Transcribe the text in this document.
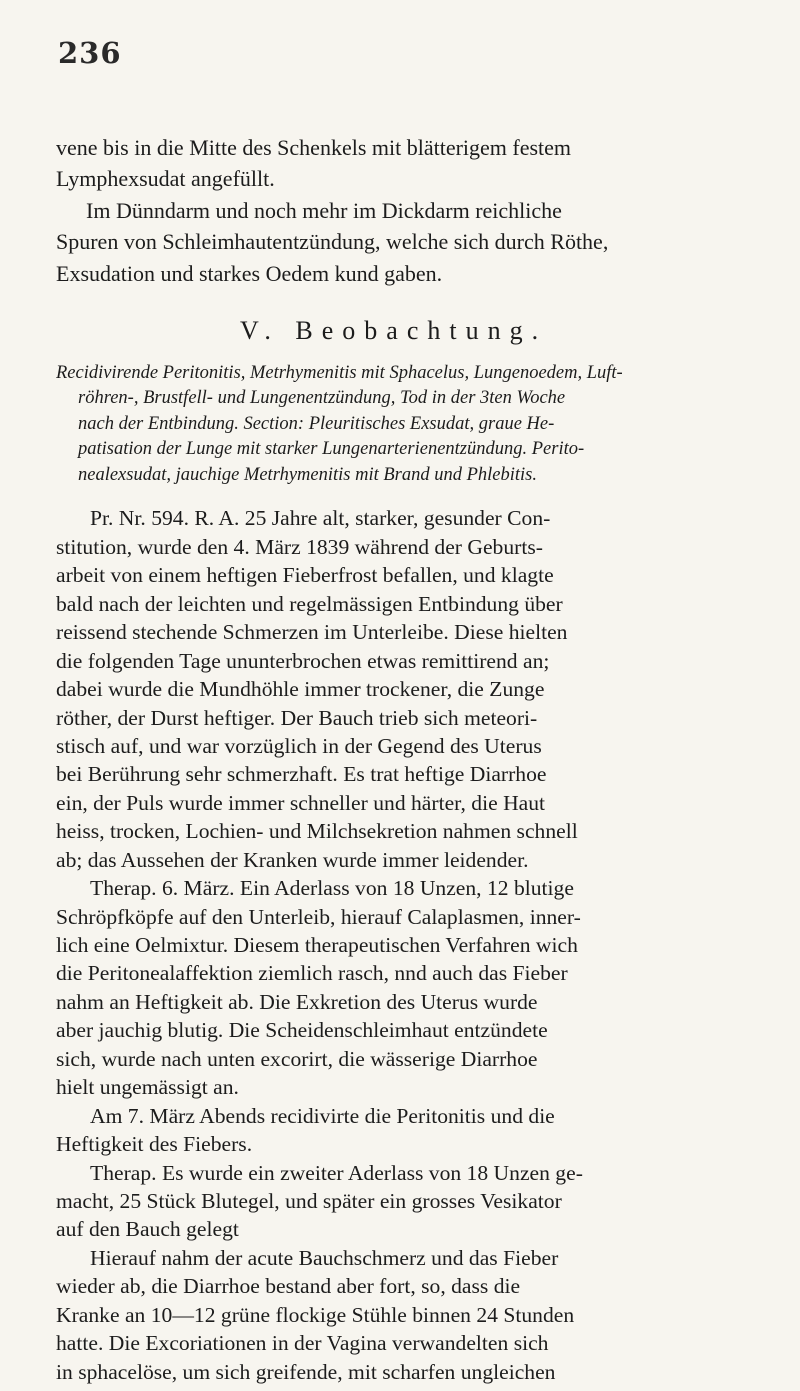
236
vene bis in die Mitte des Schenkels mit blätterigem festem
Lymphexsudat angefüllt.
Im Dünndarm und noch mehr im Dickdarm reichliche
Spuren von Schleimhautentzündung, welche sich durch Röthe,
Exsudation und starkes Oedem kund gaben.
V. Beobachtung.
Recidivirende Peritonitis, Metrhymenitis mit Sphacelus, Lungenoedem, Luft-
röhren-, Brustfell- und Lungenentzündung, Tod in der 3ten Woche
nach der Entbindung. Section: Pleuritisches Exsudat, graue He-
patisation der Lunge mit starker Lungenarterienentzündung. Perito-
nealexsudat, jauchige Metrhymenitis mit Brand und Phlebitis.
Pr. Nr. 594. R. A. 25 Jahre alt, starker, gesunder Con-
stitution, wurde den 4. März 1839 während der Geburts-
arbeit von einem heftigen Fieberfrost befallen, und klagte
bald nach der leichten und regelmässigen Entbindung über
reissend stechende Schmerzen im Unterleibe. Diese hielten
die folgenden Tage ununterbrochen etwas remittirend an;
dabei wurde die Mundhöhle immer trockener, die Zunge
röther, der Durst heftiger. Der Bauch trieb sich meteori-
stisch auf, und war vorzüglich in der Gegend des Uterus
bei Berührung sehr schmerzhaft. Es trat heftige Diarrhoe
ein, der Puls wurde immer schneller und härter, die Haut
heiss, trocken, Lochien- und Milchsekretion nahmen schnell
ab; das Aussehen der Kranken wurde immer leidender.
Therap. 6. März. Ein Aderlass von 18 Unzen, 12 blutige
Schröpfköpfe auf den Unterleib, hierauf Calaplasmen, inner-
lich eine Oelmixtur. Diesem therapeutischen Verfahren wich
die Peritonealaffektion ziemlich rasch, nnd auch das Fieber
nahm an Heftigkeit ab. Die Exkretion des Uterus wurde
aber jauchig blutig. Die Scheidenschleimhaut entzündete
sich, wurde nach unten excorirt, die wässerige Diarrhoe
hielt ungemässigt an.
Am 7. März Abends recidivirte die Peritonitis und die
Heftigkeit des Fiebers.
Therap. Es wurde ein zweiter Aderlass von 18 Unzen ge-
macht, 25 Stück Blutegel, und später ein grosses Vesikator
auf den Bauch gelegt
Hierauf nahm der acute Bauchschmerz und das Fieber
wieder ab, die Diarrhoe bestand aber fort, so, dass die
Kranke an 10—12 grüne flockige Stühle binnen 24 Stunden
hatte. Die Excoriationen in der Vagina verwandelten sich
in sphacelöse, um sich greifende, mit scharfen ungleichen
